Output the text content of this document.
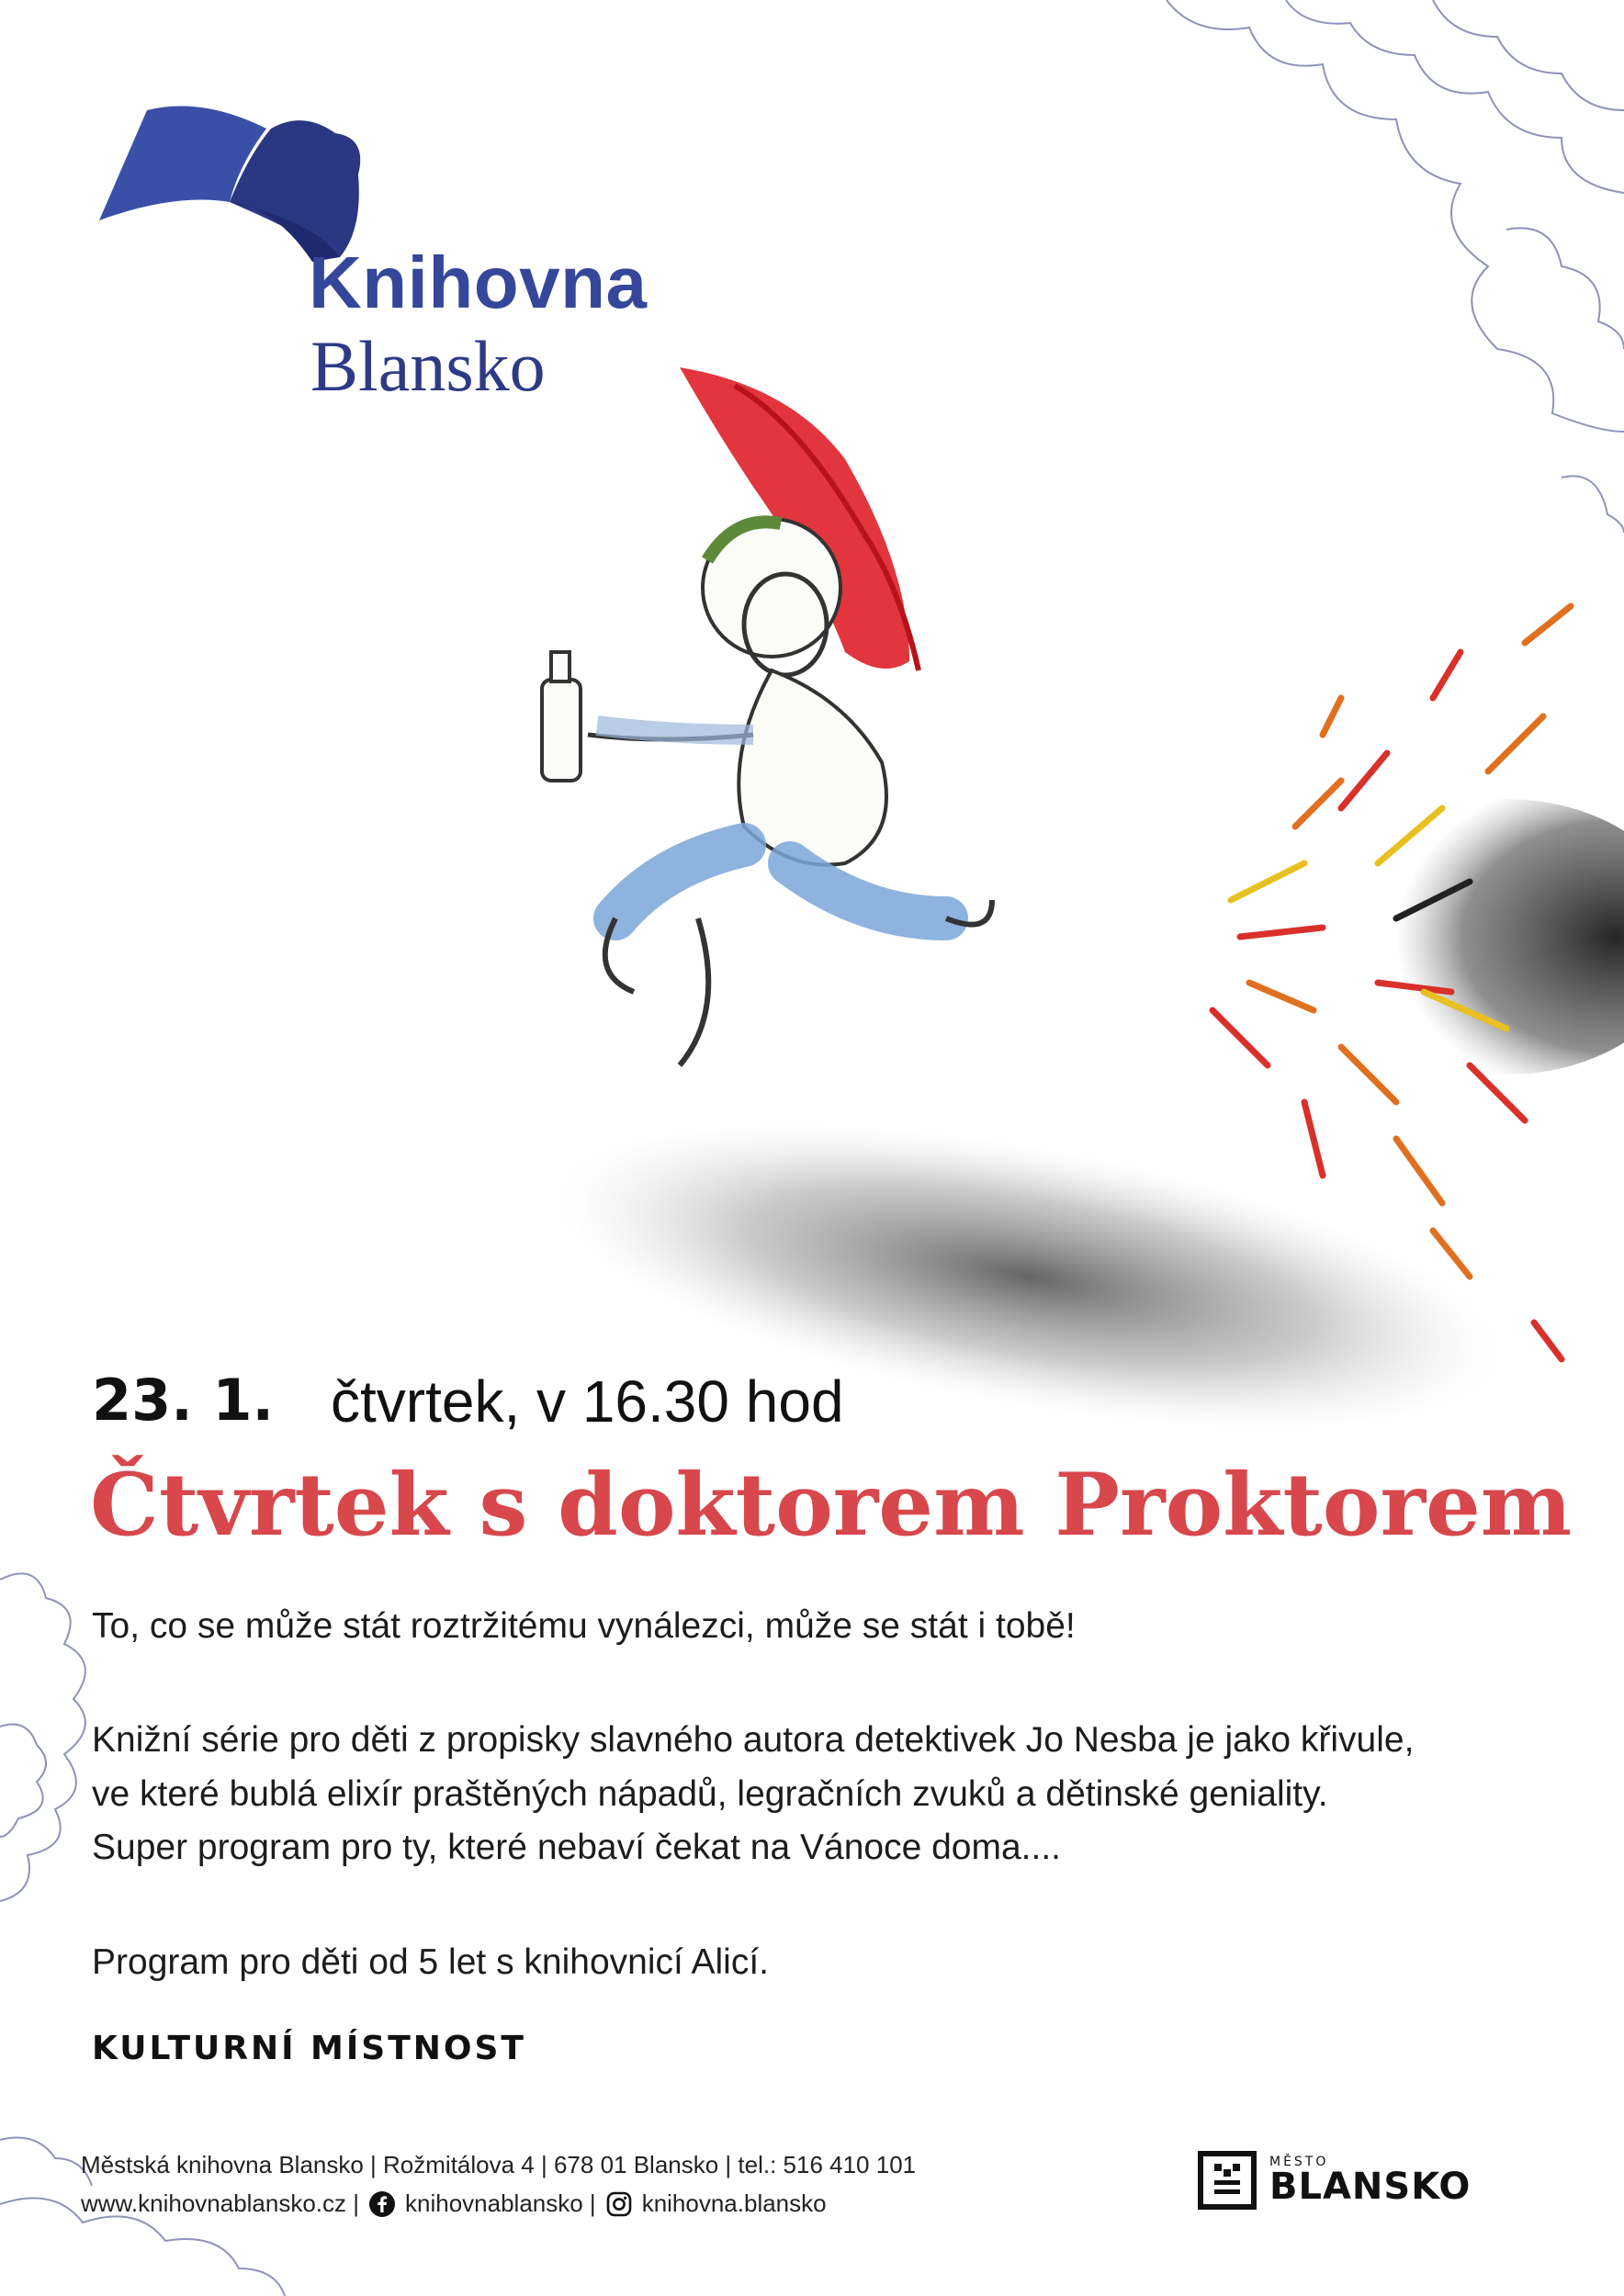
Knihovna
Blansko
23. 1. čtvrtek, v 16.30 hod
Čtvrtek s doktorem Proktorem
To, co se může stát roztržitému vynálezci, může se stát i tobě!
Knižní série pro děti z propisky slavného autora detektivek Jo Nesba je jako křivule,
ve které bublá elixír praštěných nápadů, legračních zvuků a dětinské geniality.
Super program pro ty, které nebaví čekat na Vánoce doma....
Program pro děti od 5 let s knihovnicí Alicí.
KULTURNÍ MÍSTNOST
Městská knihovna Blansko | Rožmitálova 4 | 678 01 Blansko | tel.: 516 410 101
www.knihovnablansko.cz | knihovnablansko | knihovna.blansko
MĚSTO
BLANSKO
